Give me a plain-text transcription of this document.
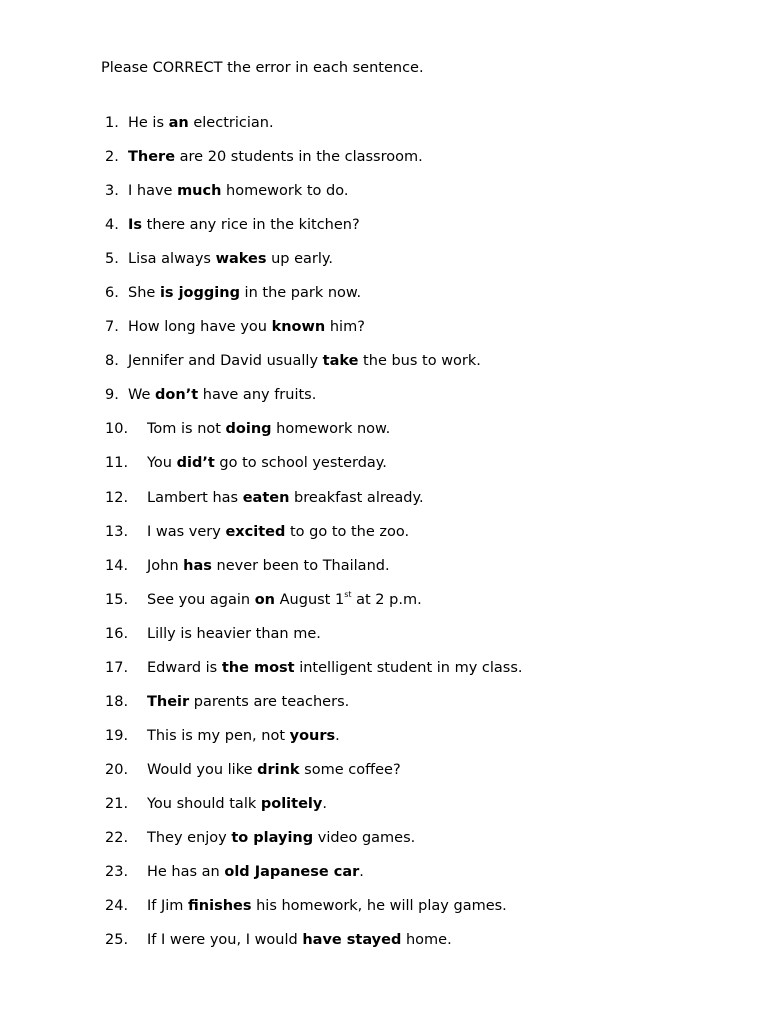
Please CORRECT the error in each sentence.
1. He is an electrician.
2. There are 20 students in the classroom.
3. I have much homework to do.
4. Is there any rice in the kitchen?
5. Lisa always wakes up early.
6. She is jogging in the park now.
7. How long have you known him?
8. Jennifer and David usually take the bus to work.
9. We don’t have any fruits.
10. Tom is not doing homework now.
11. You did’t go to school yesterday.
12. Lambert has eaten breakfast already.
13. I was very excited to go to the zoo.
14. John has never been to Thailand.
15. See you again on August 1st at 2 p.m.
16. Lilly is heavier than me.
17. Edward is the most intelligent student in my class.
18. Their parents are teachers.
19. This is my pen, not yours.
20. Would you like drink some coffee?
21. You should talk politely.
22. They enjoy to playing video games.
23. He has an old Japanese car.
24. If Jim finishes his homework, he will play games.
25. If I were you, I would have stayed home.
